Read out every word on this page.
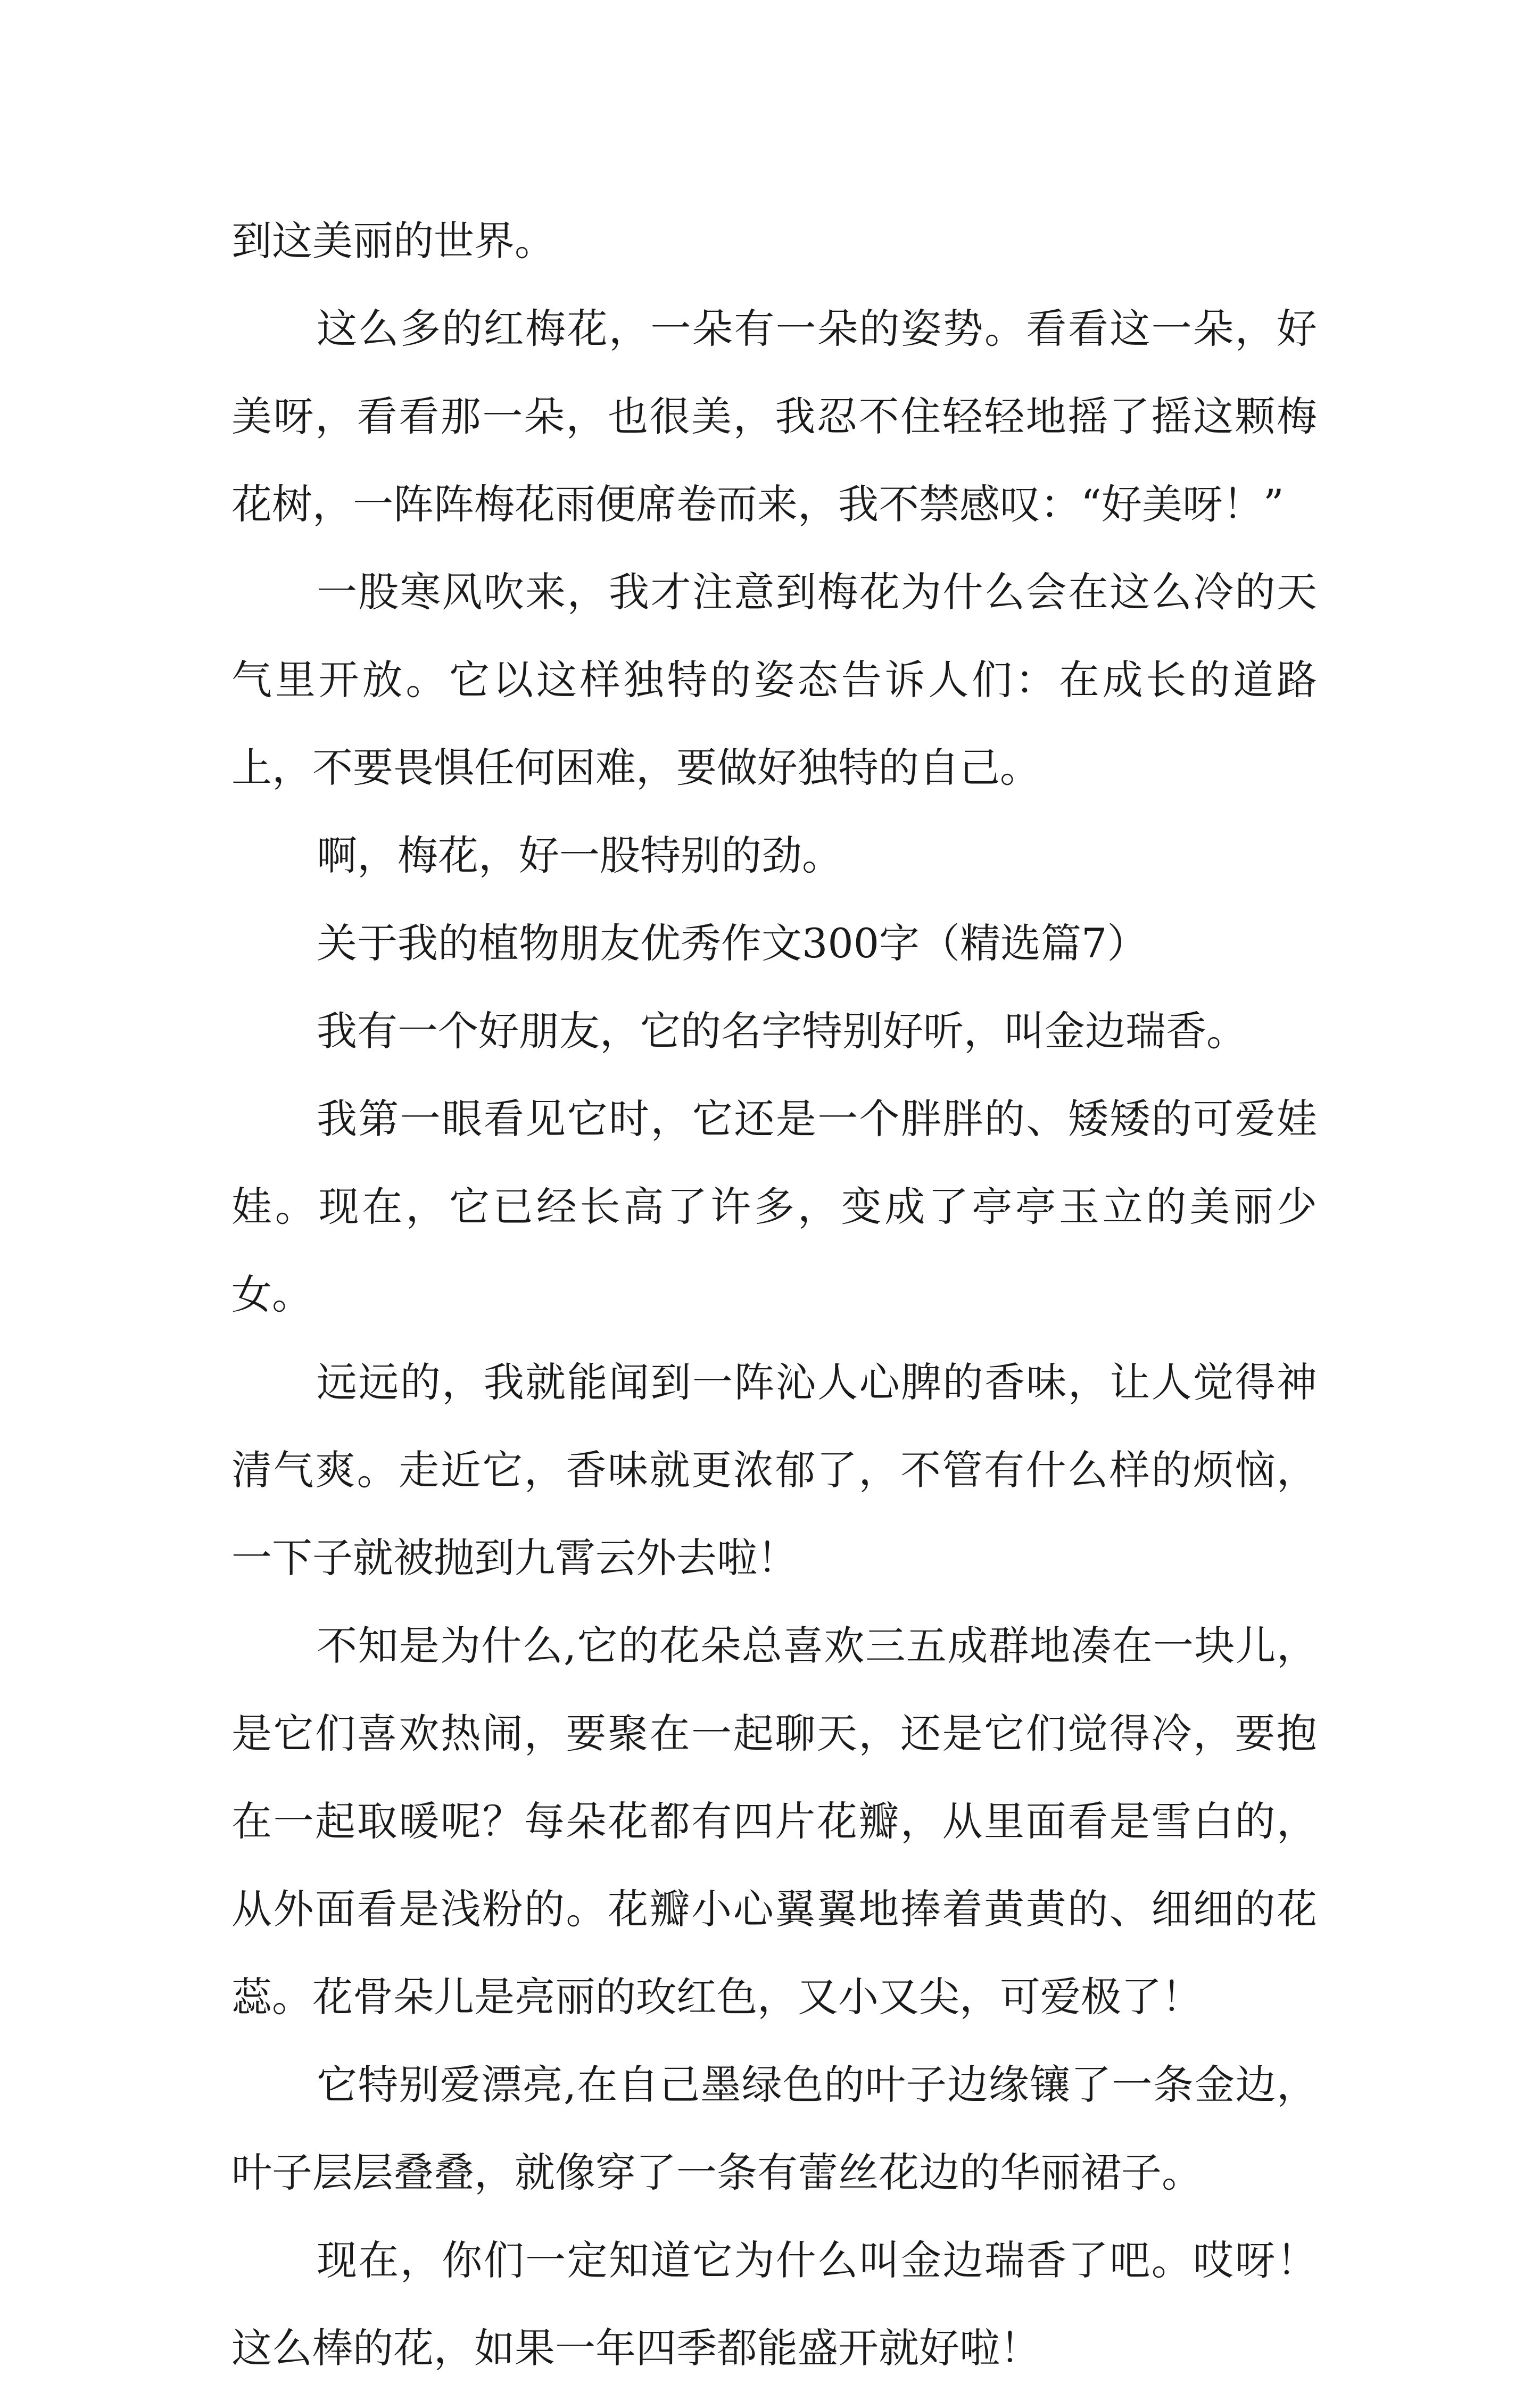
到这美丽的世界。

这么多的红梅花，一朵有一朵的姿势。看看这一朵，好美呀，看看那一朵，也很美，我忍不住轻轻地摇了摇这颗梅花树，一阵阵梅花雨便席卷而来，我不禁感叹：“好美呀！”

一股寒风吹来，我才注意到梅花为什么会在这么冷的天气里开放。它以这样独特的姿态告诉人们：在成长的道路上，不要畏惧任何困难，要做好独特的自己。

啊，梅花，好一股特别的劲。

关于我的植物朋友优秀作文300字（精选篇7）

我有一个好朋友，它的名字特别好听，叫金边瑞香。

我第一眼看见它时，它还是一个胖胖的、矮矮的可爱娃娃。现在，它已经长高了许多，变成了亭亭玉立的美丽少女。

远远的，我就能闻到一阵沁人心脾的香味，让人觉得神清气爽。走近它，香味就更浓郁了，不管有什么样的烦恼，一下子就被抛到九霄云外去啦！

不知是为什么,它的花朵总喜欢三五成群地凑在一块儿，是它们喜欢热闹，要聚在一起聊天，还是它们觉得冷，要抱在一起取暖呢？每朵花都有四片花瓣，从里面看是雪白的，从外面看是浅粉的。花瓣小心翼翼地捧着黄黄的、细细的花蕊。花骨朵儿是亮丽的玫红色，又小又尖，可爱极了！

它特别爱漂亮,在自己墨绿色的叶子边缘镶了一条金边，叶子层层叠叠，就像穿了一条有蕾丝花边的华丽裙子。

现在，你们一定知道它为什么叫金边瑞香了吧。哎呀！这么棒的花，如果一年四季都能盛开就好啦！
